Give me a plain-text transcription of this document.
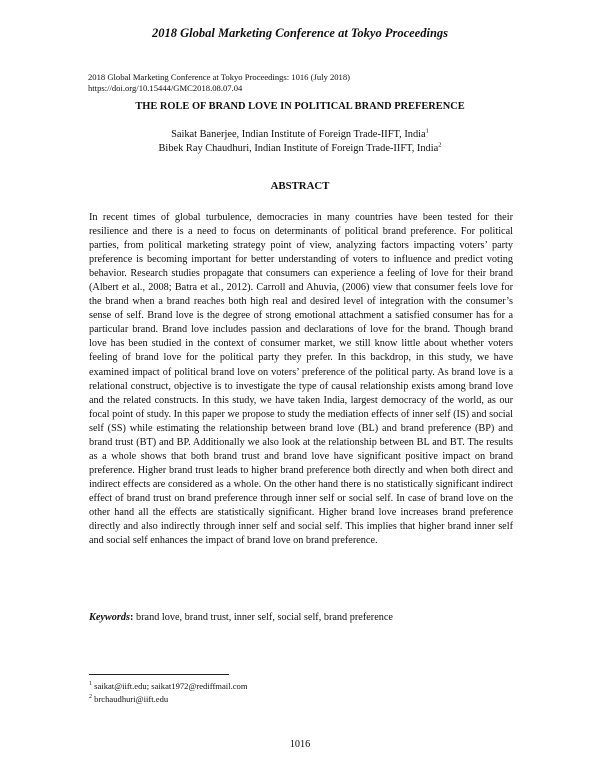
2018 Global Marketing Conference at Tokyo Proceedings
2018 Global Marketing Conference at Tokyo Proceedings: 1016 (July 2018)
https://doi.org/10.15444/GMC2018.08.07.04
THE ROLE OF BRAND LOVE IN POLITICAL BRAND PREFERENCE
Saikat Banerjee, Indian Institute of Foreign Trade-IIFT, India$^1$
Bibek Ray Chaudhuri, Indian Institute of Foreign Trade-IIFT, India$^2$
ABSTRACT

In recent times of global turbulence, democracies in many countries have been tested for their resilience and there is a need to focus on determinants of political brand preference. For political parties, from political marketing strategy point of view, analyzing factors impacting voters’ party preference is becoming important for better understanding of voters to influence and predict voting behavior. Research studies propagate that consumers can experience a feeling of love for their brand (Albert et al., 2008; Batra et al., 2012). Carroll and Ahuvia, (2006) view that consumer feels love for the brand when a brand reaches both high real and desired level of integration with the consumer’s sense of self. Brand love is the degree of strong emotional attachment a satisfied consumer has for a particular brand. Brand love includes passion and declarations of love for the brand. Though brand love has been studied in the context of consumer market, we still know little about whether voters feeling of brand love for the political party they prefer. In this backdrop, in this study, we have examined impact of political brand love on voters’ preference of the political party. As brand love is a relational construct, objective is to investigate the type of causal relationship exists among brand love and the related constructs. In this study, we have taken India, largest democracy of the world, as our focal point of study. In this paper we propose to study the mediation effects of inner self (IS) and social self (SS) while estimating the relationship between brand love (BL) and brand preference (BP) and brand trust (BT) and BP. Additionally we also look at the relationship between BL and BT. The results as a whole shows that both brand trust and brand love have significant positive impact on brand preference. Higher brand trust leads to higher brand preference both directly and when both direct and indirect effects are considered as a whole. On the other hand there is no statistically significant indirect effect of brand trust on brand preference through inner self or social self. In case of brand love on the other hand all the effects are statistically significant. Higher brand love increases brand preference directly and also indirectly through inner self and social self. This implies that higher brand inner self and social self enhances the impact of brand love on brand preference.

Keywords: brand love, brand trust, inner self, social self, brand preference
$^1$ saikat@iift.edu; saikat1972@rediffmail.com
$^2$ brchaudhuri@iift.edu
1016
